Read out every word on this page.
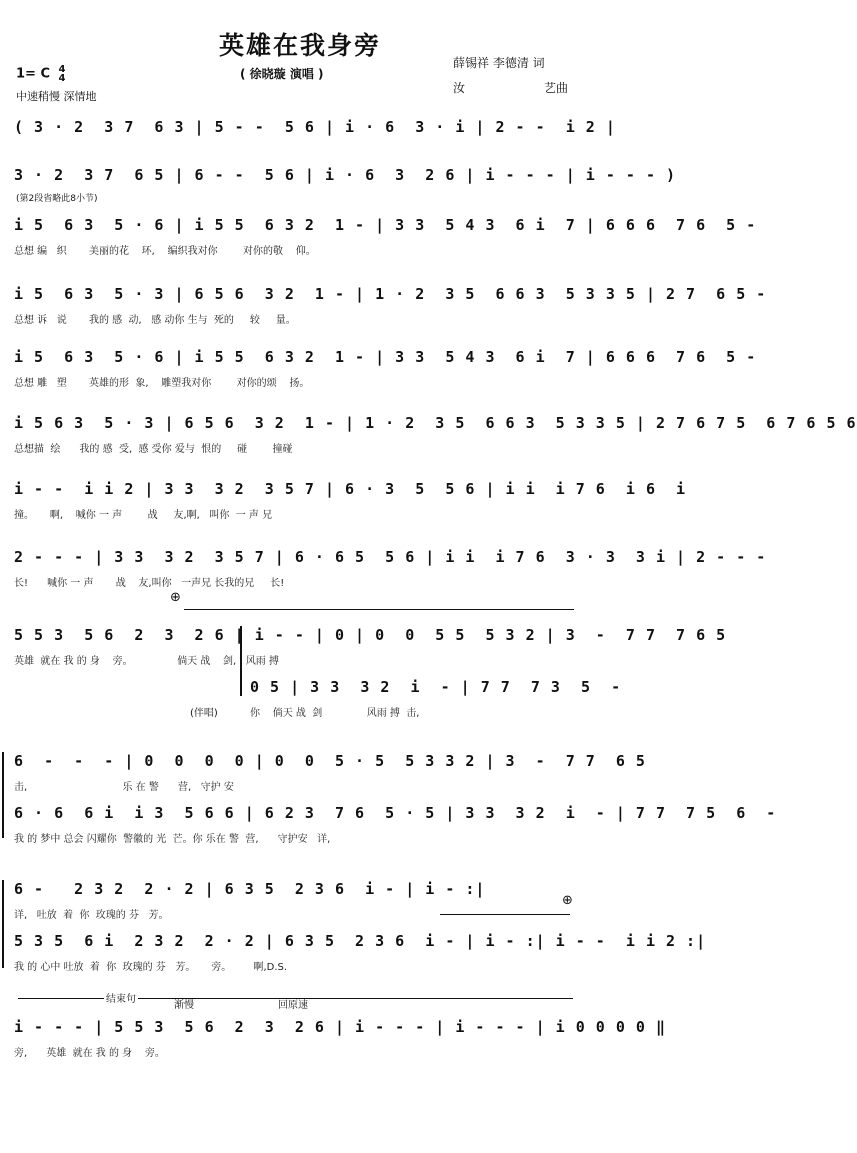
英雄在我身旁
( 徐晓璇 演唱 )
薛锡祥 李德清 词
汝	艺曲
1= C 4
4
中速稍慢 深情地
( 3 · 2  3 7  6 3 | 5 - -  5 6 | i · 6  3 · i | 2 - -  i 2 |
3 · 2  3 7  6 5 | 6 - -  5 6 | i · 6  3  2 6 | i - - - | i - - - )
(第2段省略此8小节)
i 5  6 3  5 · 6 | i 5 5  6 3 2  1 - | 3 3  5 4 3  6 i  7 | 6 6 6  7 6  5 -
总想 编   织       美丽的花    环,    编织我对你        对你的敬    仰。
i 5  6 3  5 · 3 | 6 5 6  3 2  1 - | 1 · 2  3 5  6 6 3  5 3 3 5 | 2 7  6 5 -
总想 诉   说       我的 感  动,   感 动你 生与  死的     较     量。
i 5  6 3  5 · 6 | i 5 5  6 3 2  1 - | 3 3  5 4 3  6 i  7 | 6 6 6  7 6  5 -
总想 雕   塑       英雄的形  象,    雕塑我对你        对你的颂    扬。
i 5 6 3  5 · 3 | 6 5 6  3 2  1 - | 1 · 2  3 5  6 6 3  5 3 3 5 | 2 7 6 7 5  6 7 6 5 6
总想描  绘      我的 感  受,  感 受你 爱与  恨的     碰        撞碰
i - -  i i 2 | 3 3  3 2  3 5 7 | 6 · 3  5  5 6 | i i  i 7 6  i 6  i
撞。     啊,    喊你 一 声        战     友,啊,   叫你  一 声 兄
2 - - - | 3 3  3 2  3 5 7 | 6 · 6 5  5 6 | i i  i 7 6  3 · 3  3 i | 2 - - -
长!      喊你 一 声       战    友,叫你   一声兄 长我的兄     长!
⊕
5 5 3  5 6  2  3  2 6 | i - - | 0 | 0  0  5 5  5 3 2 | 3  -  7 7  7 6 5
英雄  就在 我 的 身    旁。              倘天 战    剑,   风雨 搏
0 5 | 3 3  3 2  i  - | 7 7  7 3  5  -
你    倘天 战  剑              风雨 搏  击,
(伴唱)
6  -  -  - | 0  0  0  0 | 0  0  5 · 5  5 3 3 2 | 3  -  7 7  6 5
击,                              乐 在 警      营,   守护 安
6 · 6  6 i  i 3  5 6 6 | 6 2 3  7 6  5 · 5 | 3 3  3 2  i  - | 7 7  7 5  6  -
我 的 梦中 总会 闪耀你  警徽的 光  芒。你 乐在 警  营,      守护安   详,
⊕
6 -   2 3 2  2 · 2 | 6 3 5  2 3 6  i - | i - :|
详,   吐放  着  你  玫瑰的 芬   芳。
5 3 5  6 i  2 3 2  2 · 2 | 6 3 5  2 3 6  i - | i - :| i - -  i i 2 :|
我 的 心中 吐放  着  你  玫瑰的 芬   芳。     旁。       啊,D.S.
结束句
渐慢	回原速
i - - - | 5 5 3  5 6  2  3  2 6 | i - - - | i - - - | i 0 0 0 0 ‖
旁,      英雄  就在 我 的 身    旁。
